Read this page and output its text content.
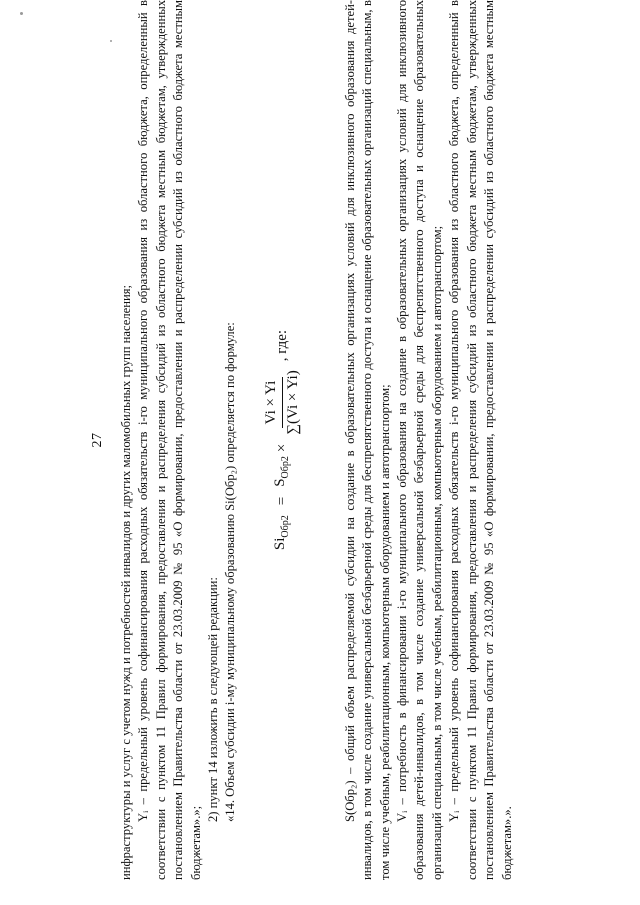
27 инфраструктуры и услуг с учетом нужд и потребностей инвалидов и других маломобильных групп населения; Yᵢ – предельный уровень софинансирования расходных обязательств i-го муниципального образования из областного бюджета, определенный в соответствии с пунктом 11 Правил формирования, предоставления и распределения субсидий из областного бюджета местным бюджетам, утвержденных постановлением Правительства области от 23.03.2009 № 95 «О формировании, предоставлении и распределении субсидий из областного бюджета местным бюджетам».»;

2) пункт 14 изложить в следующей редакции: «14. Объем субсидии i-му муниципальному образованию Si(Обр₂) определяется по формуле: $Si_{Обр2}$
=
$S_{Обр2}$
×
Vi × Yi ∑(Vi × Yi)
, где:	S(Обр₂) – общий объем распределяемой субсидии на создание в образовательных организациях условий для инклюзивного образования детей-инвалидов, в том числе создание универсальной безбарьерной среды для беспрепятственного доступа и оснащение образовательных организаций специальным, в том числе учебным, реабилитационным, компьютерным оборудованием и автотранспортом; Vᵢ – потребность в финансировании i-го муниципального образования на создание в образовательных организациях условий для инклюзивного образования детей-инвалидов, в том числе создание универсальной безбарьерной среды для беспрепятственного доступа и оснащение образовательных организаций специальным, в том числе учебным, реабилитационным, компьютерным оборудованием и автотранспортом; Yᵢ – предельный уровень софинансирования расходных обязательств i-го муниципального образования из областного бюджета, определенный в соответствии с пунктом 11 Правил формирования, предоставления и распределения субсидий из областного бюджета местным бюджетам, утвержденных постановлением Правительства области от 23.03.2009 № 95 «О формировании, предоставлении и распределении субсидий из областного бюджета местным бюджетам».».
